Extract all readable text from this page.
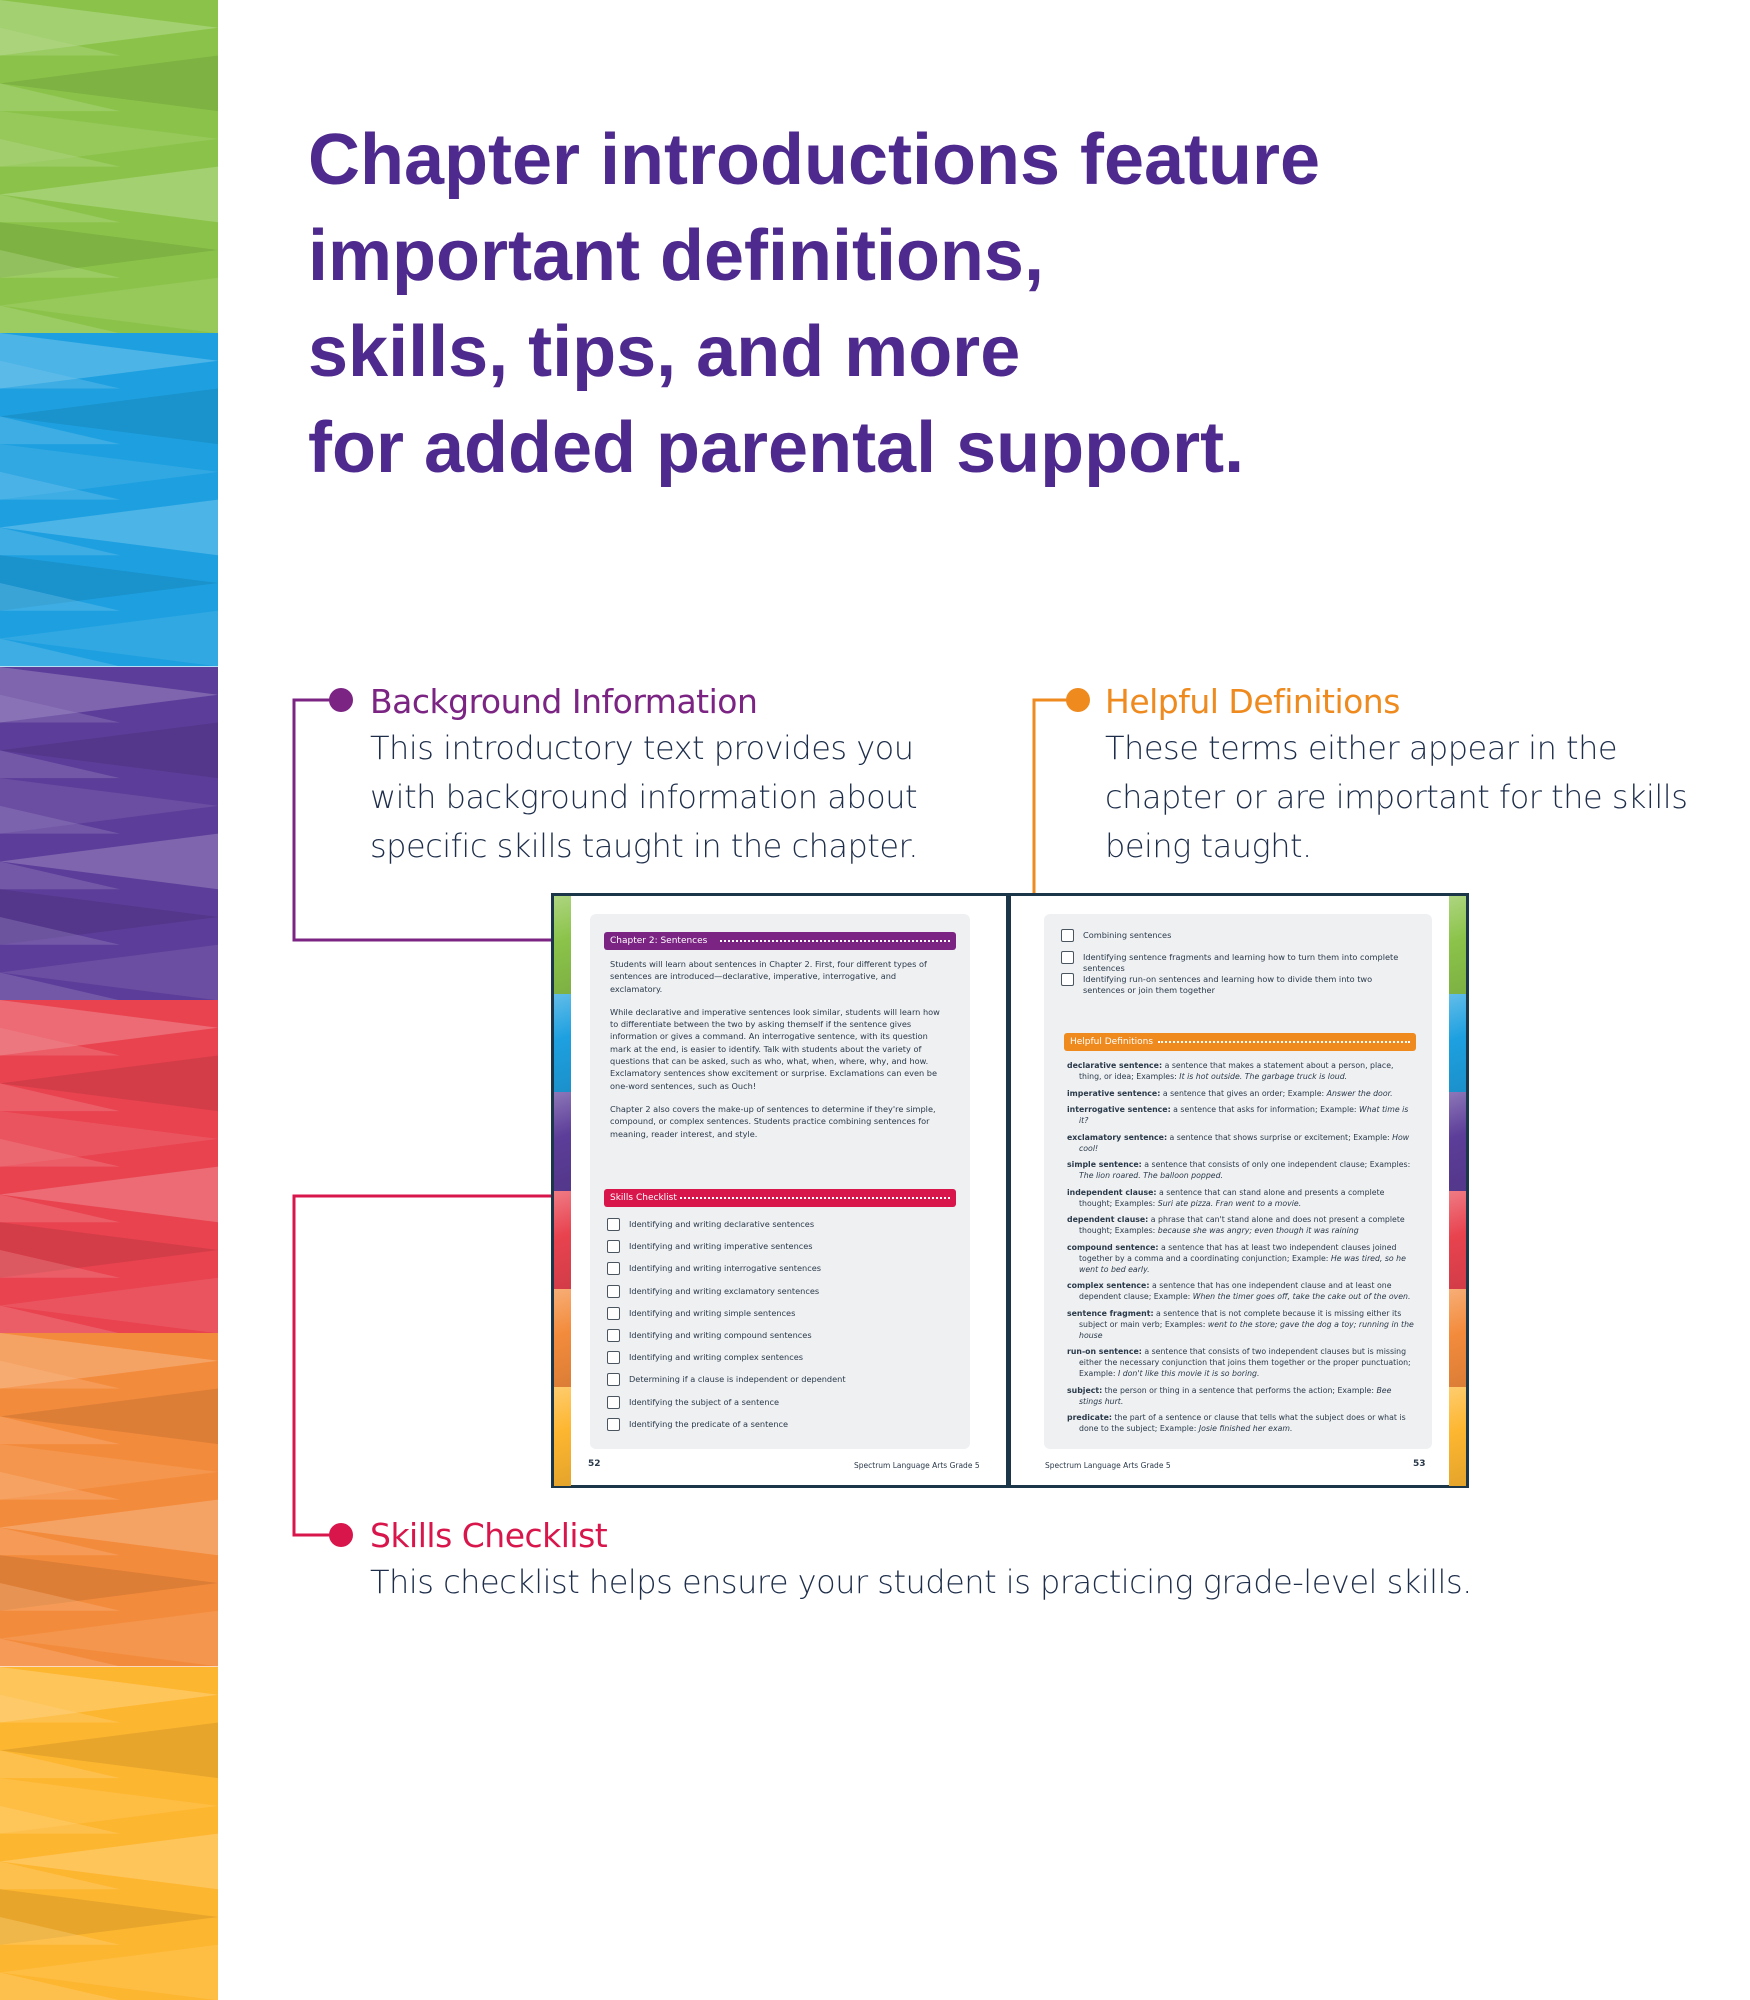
Chapter introductions feature
important definitions,
skills, tips, and more
for added parental support.
Background Information
This introductory text provides you
with background information about
specific skills taught in the chapter.
Helpful Definitions
These terms either appear in the
chapter or are important for the skills
being taught.
Skills Checklist
This checklist helps ensure your student is practicing grade-level skills.
Chapter 2: Sentences

Students will learn about sentences in Chapter 2. First, four different types of sentences are introduced—declarative, imperative, interrogative, and exclamatory.

While declarative and imperative sentences look similar, students will learn how to differentiate between the two by asking themself if the sentence gives information or gives a command. An interrogative sentence, with its question mark at the end, is easier to identify. Talk with students about the variety of questions that can be asked, such as who, what, when, where, why, and how. Exclamatory sentences show excitement or surprise. Exclamations can even be one-word sentences, such as Ouch!

Chapter 2 also covers the make-up of sentences to determine if they're simple, compound, or complex sentences. Students practice combining sentences for meaning, reader interest, and style.

Skills Checklist
Identifying and writing declarative sentences
Identifying and writing imperative sentences
Identifying and writing interrogative sentences
Identifying and writing exclamatory sentences
Identifying and writing simple sentences
Identifying and writing compound sentences
Identifying and writing complex sentences
Determining if a clause is independent or dependent
Identifying the subject of a sentence
Identifying the predicate of a sentence
52	Spectrum Language Arts Grade 5
Combining sentences
Identifying sentence fragments and learning how to turn them into complete sentences
Identifying run-on sentences and learning how to divide them into two sentences or join them together
Helpful Definitions
declarative sentence: a sentence that makes a statement about a person, place, thing, or idea; Examples: It is hot outside. The garbage truck is loud.
imperative sentence: a sentence that gives an order; Example: Answer the door.
interrogative sentence: a sentence that asks for information; Example: What time is it?
exclamatory sentence: a sentence that shows surprise or excitement; Example: How cool!
simple sentence: a sentence that consists of only one independent clause; Examples: The lion roared. The balloon popped.
independent clause: a sentence that can stand alone and presents a complete thought; Examples: Suri ate pizza. Fran went to a movie.
dependent clause: a phrase that can't stand alone and does not present a complete thought; Examples: because she was angry; even though it was raining
compound sentence: a sentence that has at least two independent clauses joined together by a comma and a coordinating conjunction; Example: He was tired, so he went to bed early.
complex sentence: a sentence that has one independent clause and at least one dependent clause; Example: When the timer goes off, take the cake out of the oven.
sentence fragment: a sentence that is not complete because it is missing either its subject or main verb; Examples: went to the store; gave the dog a toy; running in the house
run-on sentence: a sentence that consists of two independent clauses but is missing either the necessary conjunction that joins them together or the proper punctuation; Example: I don't like this movie it is so boring.
subject: the person or thing in a sentence that performs the action; Example: Bee stings hurt.
predicate: the part of a sentence or clause that tells what the subject does or what is done to the subject; Example: Josie finished her exam.
Spectrum Language Arts Grade 5	53
